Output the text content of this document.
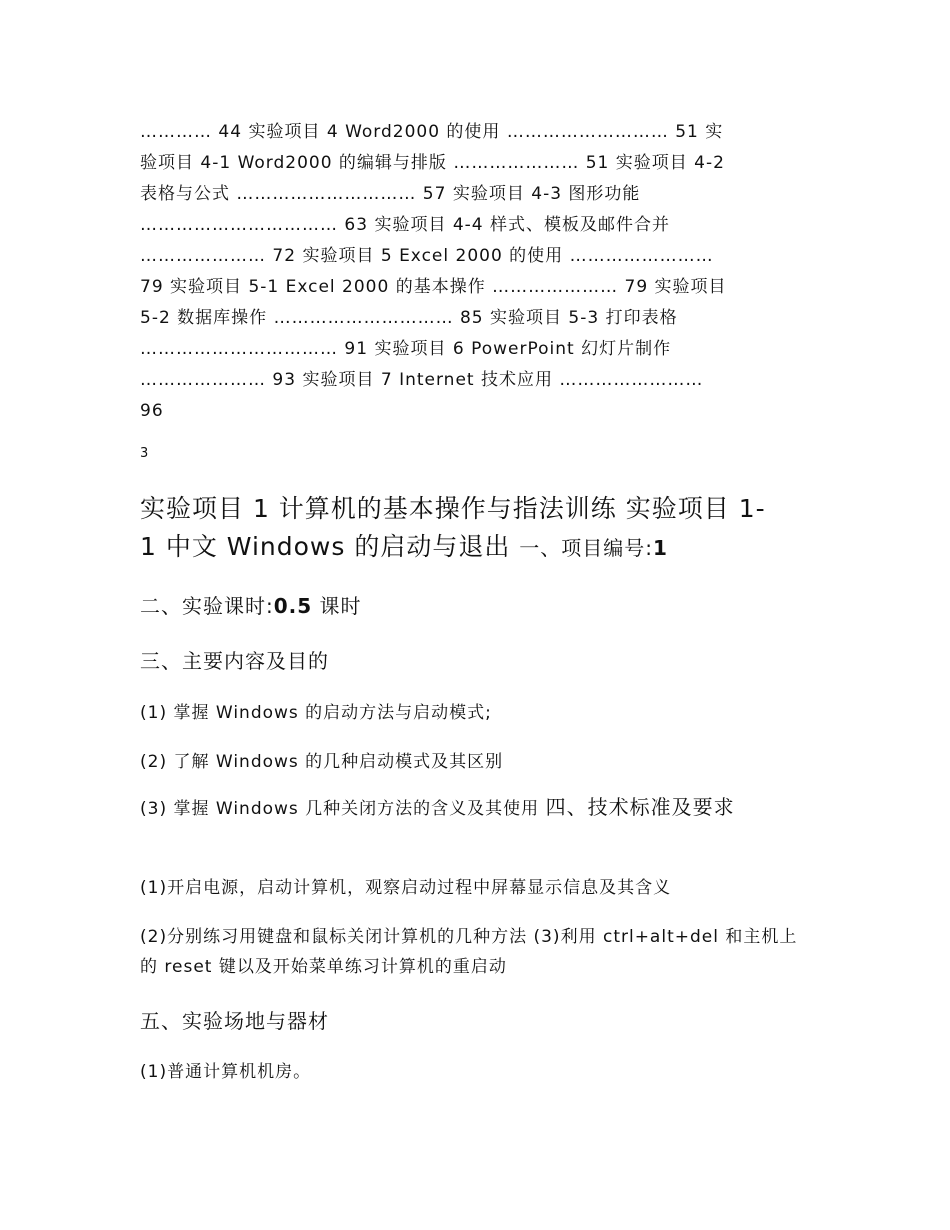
………… 44 实验项目 4 Word2000 的使用 ……………………… 51 实
验项目 4-1 Word2000 的编辑与排版 ………………… 51 实验项目 4-2
表格与公式 ………………………… 57 实验项目 4-3 图形功能
…………………………… 63 实验项目 4-4 样式、模板及邮件合并
………………… 72 实验项目 5 Excel 2000 的使用 ……………………
79 实验项目 5-1 Excel 2000 的基本操作 ………………… 79 实验项目
5-2 数据库操作 ………………………… 85 实验项目 5-3 打印表格
…………………………… 91 实验项目 6 PowerPoint 幻灯片制作
………………… 93 实验项目 7 Internet 技术应用 ……………………
96
3
实验项目 1 计算机的基本操作与指法训练 实验项目 1-
1 中文 Windows 的启动与退出 一、项目编号:1
二、实验课时:0.5 课时
三、主要内容及目的
(1) 掌握 Windows 的启动方法与启动模式;
(2) 了解 Windows 的几种启动模式及其区别
(3) 掌握 Windows 几种关闭方法的含义及其使用 四、技术标准及要求
(1)开启电源，启动计算机，观察启动过程中屏幕显示信息及其含义
(2)分别练习用键盘和鼠标关闭计算机的几种方法 (3)利用 ctrl+alt+del 和主机上的 reset 键以及开始菜单练习计算机的重启动
五、实验场地与器材
(1)普通计算机机房。
